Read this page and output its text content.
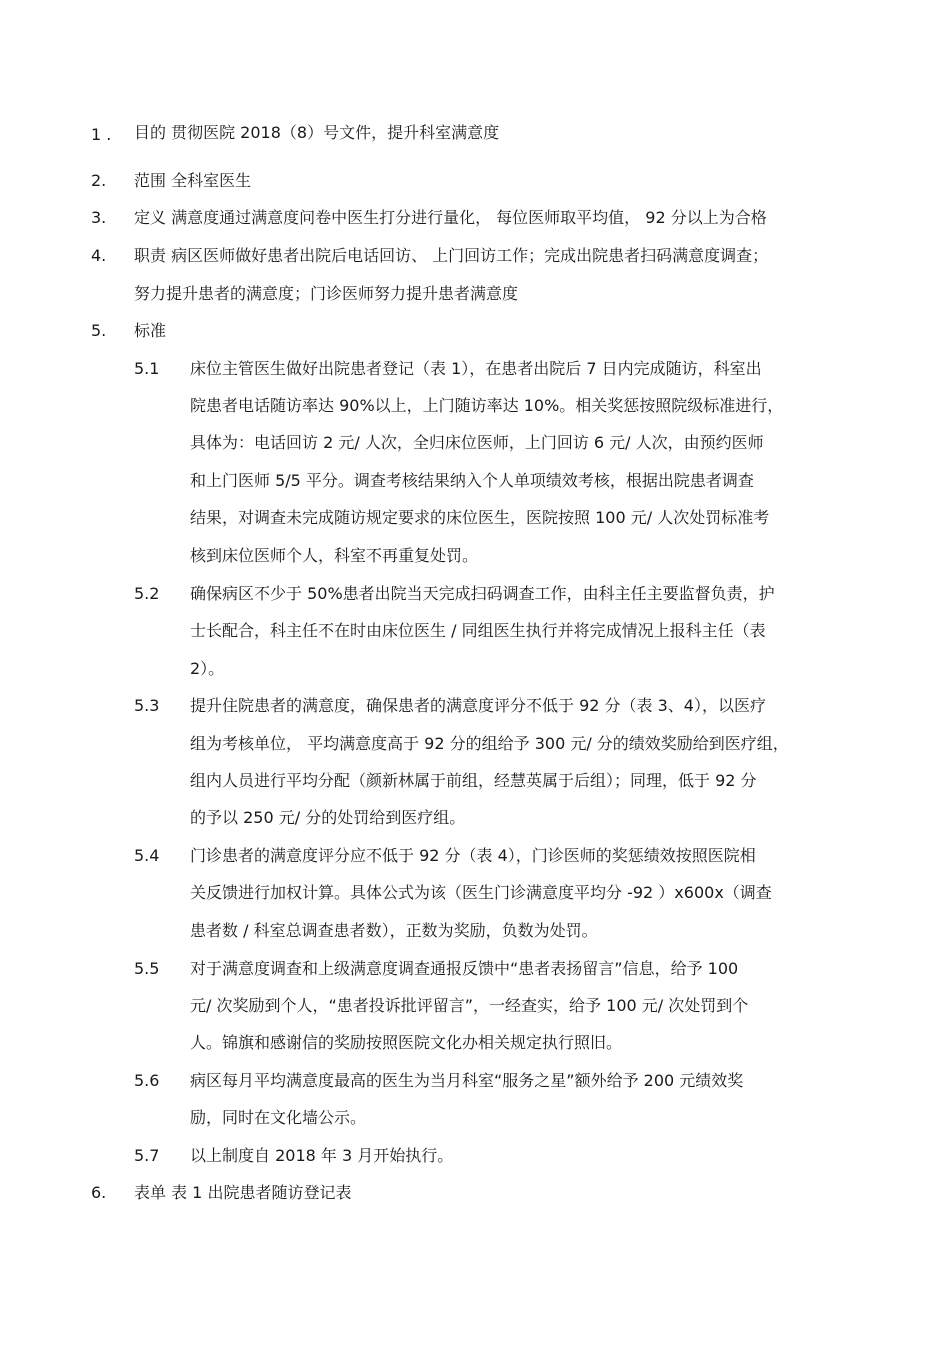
1 . 目的 贯彻医院 2018（8）号文件，提升科室满意度
2. 范围 全科室医生
3. 定义 满意度通过满意度问卷中医生打分进行量化， 每位医师取平均值， 92 分以上为合格
4. 职责 病区医师做好患者出院后电话回访、 上门回访工作；完成出院患者扫码满意度调查；
努力提升患者的满意度；门诊医师努力提升患者满意度
5. 标准
5.1 床位主管医生做好出院患者登记（表 1），在患者出院后 7 日内完成随访，科室出
院患者电话随访率达 90%以上，上门随访率达 10%。相关奖惩按照院级标准进行，
具体为：电话回访 2 元/ 人次，全归床位医师，上门回访 6 元/ 人次，由预约医师
和上门医师 5/5 平分。调查考核结果纳入个人单项绩效考核，根据出院患者调查
结果，对调查未完成随访规定要求的床位医生，医院按照 100 元/ 人次处罚标准考
核到床位医师个人，科室不再重复处罚。
5.2 确保病区不少于 50%患者出院当天完成扫码调查工作，由科主任主要监督负责，护
士长配合，科主任不在时由床位医生 / 同组医生执行并将完成情况上报科主任（表
2）。
5.3 提升住院患者的满意度，确保患者的满意度评分不低于 92 分（表 3、4），以医疗
组为考核单位， 平均满意度高于 92 分的组给予 300 元/ 分的绩效奖励给到医疗组，
组内人员进行平均分配（颜新林属于前组，经慧英属于后组）；同理，低于 92 分
的予以 250 元/ 分的处罚给到医疗组。
5.4 门诊患者的满意度评分应不低于 92 分（表 4），门诊医师的奖惩绩效按照医院相
关反馈进行加权计算。具体公式为该（医生门诊满意度平均分 -92 ）x600x（调查
患者数 / 科室总调查患者数），正数为奖励，负数为处罚。
5.5 对于满意度调查和上级满意度调查通报反馈中“患者表扬留言”信息，给予 100
元/ 次奖励到个人，“患者投诉批评留言”，一经查实，给予 100 元/ 次处罚到个
人。锦旗和感谢信的奖励按照医院文化办相关规定执行照旧。
5.6 病区每月平均满意度最高的医生为当月科室“服务之星”额外给予 200 元绩效奖
励，同时在文化墙公示。
5.7 以上制度自 2018 年 3 月开始执行。
6. 表单 表 1 出院患者随访登记表
